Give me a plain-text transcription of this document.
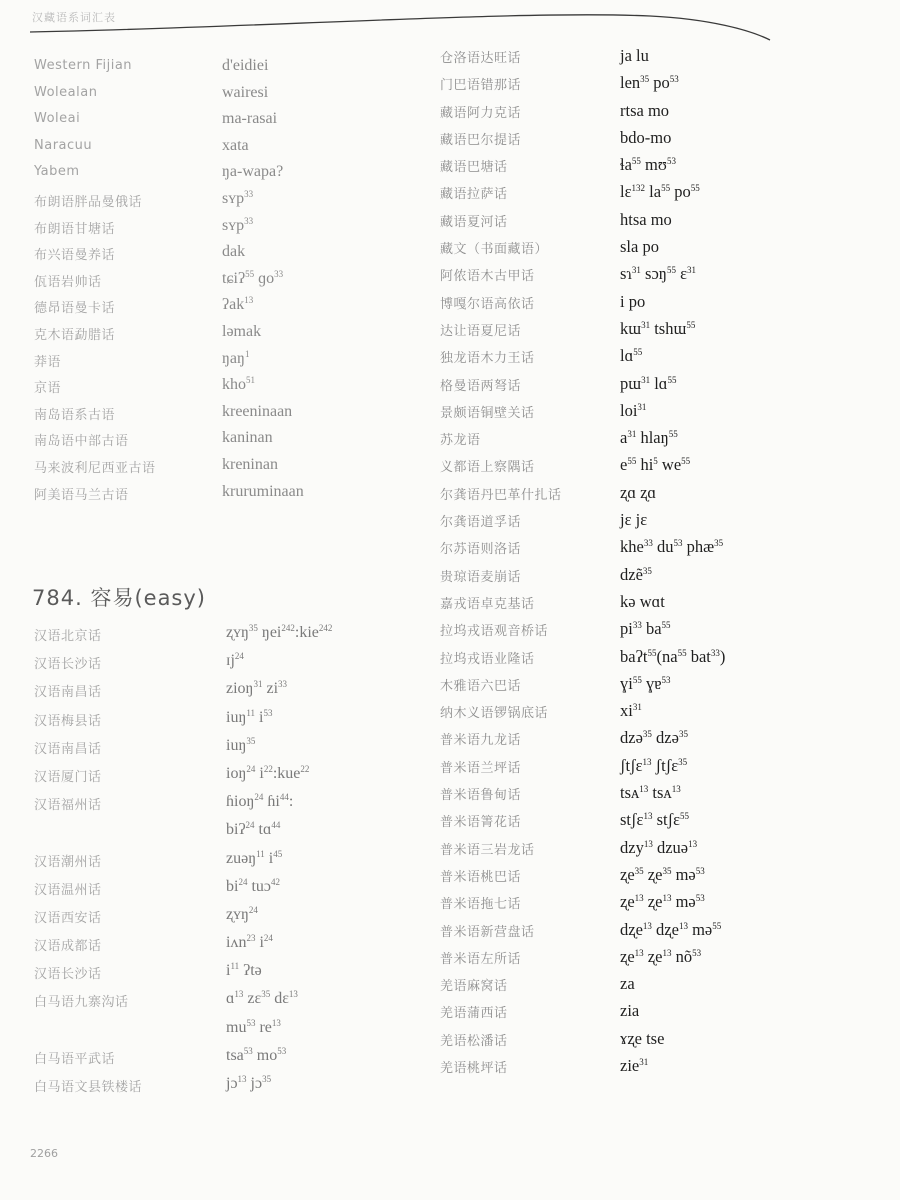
汉藏语系词汇表
Western Fijian	d'eidiei
Wolealan	wairesi
Woleai	ma-rasai
Naracuu	xata
Yabem	ŋa-wapa?
布朗语胖品曼俄话	sʏp$^{33}$
布朗语甘塘话	sʏp$^{33}$
布兴语曼养话	dak
佤语岩帅话	tɕiʔ$^{55}$ ɡo$^{33}$
德昂语曼卡话	ʔak$^{13}$
克木语勐腊话	ləmak
莽语	ŋaŋ$^1$
京语	kho$^{51}$
南岛语系古语	kreeninaan
南岛语中部古语	kaninan
马来波利尼西亚古语	kreninan
阿美语马兰古语	kruruminaan
784. 容易(easy)
汉语北京话	ʐʏŋ$^{35}$ ŋei$^{242}$:kie$^{242}$
汉语长沙话	ɪj$^{24}$
汉语南昌话	zioŋ$^{31}$ $zi^{33}$
汉语梅县话	iuŋ$^{11}$ $i^{53}$
汉语南昌话	iuŋ$^{35}$
汉语厦门话	ioŋ$^{24}$ $i^{22}:kue^{22}$
汉语福州话	ɦioŋ$^{24}$ ɦi$^{44}$:
biʔ$^{24}$ tɑ$^{44}$
汉语潮州话	zuəŋ$^{11}$ $i^{45}$
汉语温州话	$bi^{24}$ tuɔ$^{42}$
汉语西安话	ʐʏŋ$^{24}$
汉语成都话	iʌn$^{23}$ $i^{24}$
汉语长沙话	$i^{11}$ ʔtə
白马语九寨沟话	ɑ$^{13}$ zɛ$^{35}$ dɛ$^{13}$
$mu^{53}$ $re^{13}$
白马语平武话	tsa$^{53}$ $mo^{53}$
白马语文县铁楼话	jɔ$^{13}$ jɔ$^{35}$
仓洛语达旺话	ja lu
门巴语错那话	len$^{35}$ $po^{53}$
藏语阿力克话	rtsa mo
藏语巴尔提话	bdo-mo
藏语巴塘话	ɬa$^{55}$ mʊ$^{53}$
藏语拉萨话	lɛ$^{132}$ $la^{55}$ $po^{55}$
藏语夏河话	htsa mo
藏文（书面藏语）	sla po
阿侬语木古甲话	sɿ$^{31}$ sɔŋ$^{55}$ ɛ$^{31}$
博嘎尔语高依话	i po
达让语夏尼话	kɯ$^{31}$ tshɯ$^{55}$
独龙语木力王话	lɑ$^{55}$
格曼语两弩话	pɯ$^{31}$ lɑ$^{55}$
景颇语铜壁关话	loi$^{31}$
苏龙语	$a^{31}$ hlaŋ$^{55}$
义都语上察隅话	$e^{55}$ $hi^5$ $we^{55}$
尔龚语丹巴革什扎话	ʐɑ ʐɑ
尔龚语道孚话	jɛ jɛ
尔苏语则洛话	khe$^{33}$ $du^{53}$ phæ$^{35}$
贵琼语麦崩话	dzẽ$^{35}$
嘉戎语卓克基话	kə wɑt
拉坞戎语观音桥话	$pi^{33}$ $ba^{55}$
拉坞戎语业隆话	$baʔt^{55}(na^{55}$ bat$^{33}$)
木雅语六巴话	ɣi$^{55}$ ɣɐ$^{53}$
纳木义语锣锅底话	$xi^{31}$
普米语九龙话	dzə$^{35}$ dzə$^{35}$
普米语兰坪话	ʃtʃɛ$^{13}$ ʃtʃɛ$^{35}$
普米语鲁甸话	tsᴀ$^{13}$ tsᴀ$^{13}$
普米语箐花话	stʃɛ$^{13}$ stʃɛ$^{55}$
普米语三岩龙话	dzy$^{13}$ dzuə$^{13}$
普米语桃巴话	ʐe$^{35}$ ʐe$^{35}$ mə$^{53}$
普米语拖七话	ʐe$^{13}$ ʐe$^{13}$ mə$^{53}$
普米语新营盘话	dʐe$^{13}$ dʐe$^{13}$ mə$^{55}$
普米语左所话	ʐe$^{13}$ ʐe$^{13}$ $nõ^{53}$
羌语麻窝话	za
羌语蒲西话	zia
羌语松潘话	ɤʐe tse
羌语桃坪话	zie$^{31}$
2266
